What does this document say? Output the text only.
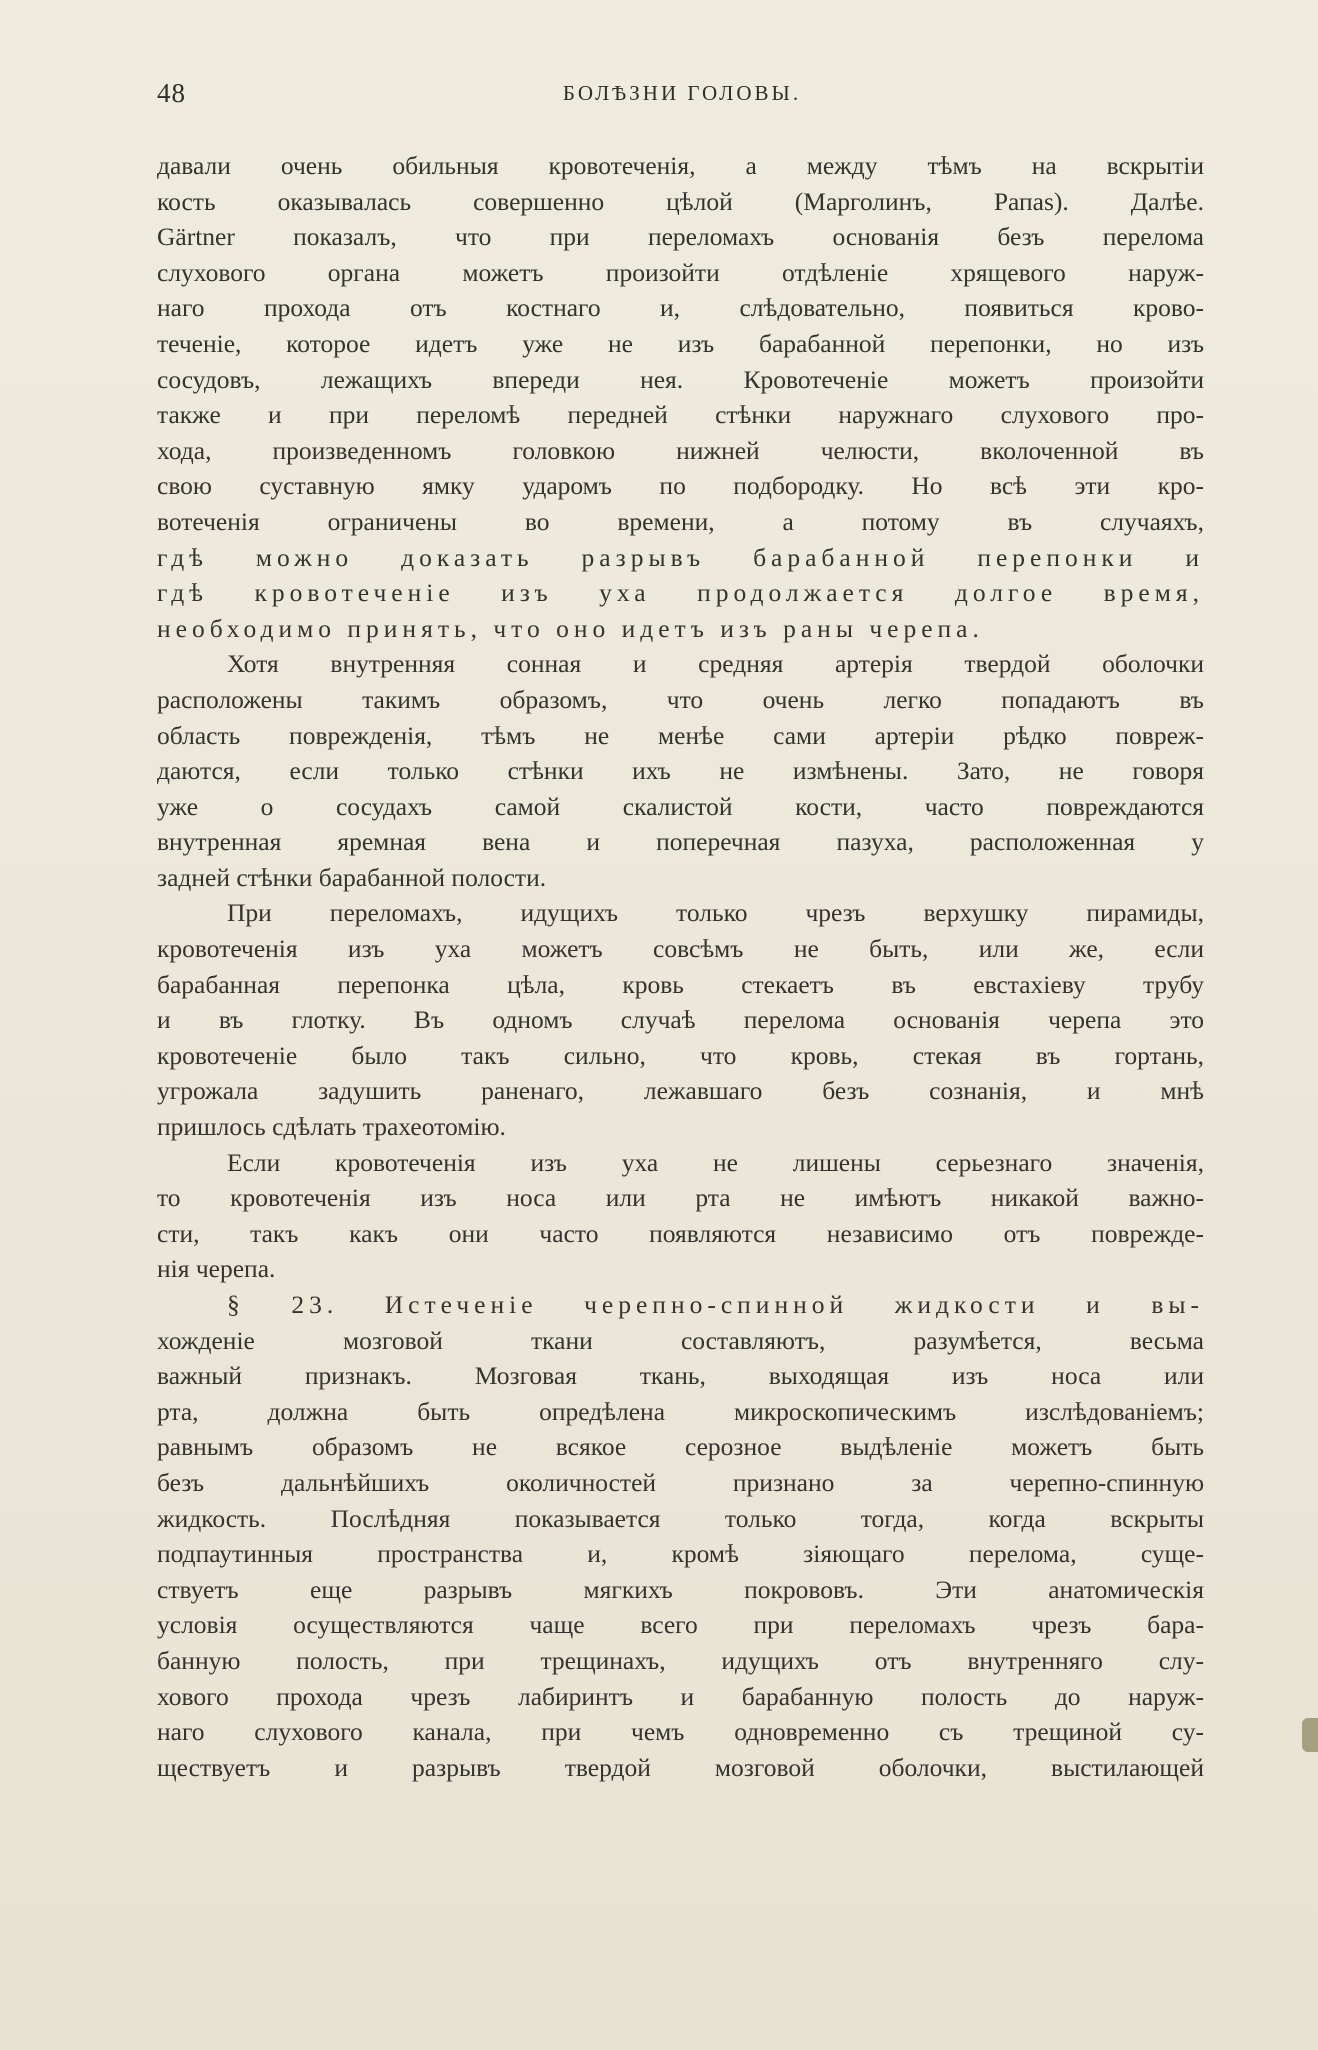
48	БОЛѢЗНИ ГОЛОВЫ.
давали очень обильныя кровотеченія, а между тѣмъ на вскрытіи
кость оказывалась совершенно цѣлой (Марголинъ, Рапаs). Далѣе.
Gärtner показалъ, что при переломахъ основанія безъ перелома
слухового органа можетъ произойти отдѣленіе хрящевого наруж-
наго прохода отъ костнаго и, слѣдовательно, появиться крово-
теченіе, которое идетъ уже не изъ барабанной перепонки, но изъ
сосудовъ, лежащихъ впереди нея. Кровотеченіе можетъ произойти
также и при переломѣ передней стѣнки наружнаго слухового про-
хода, произведенномъ головкою нижней челюсти, вколоченной въ
свою суставную ямку ударомъ по подбородку. Но всѣ эти кро-
вотеченія ограничены во времени, а потому въ случаяхъ,
гдѣ можно доказать разрывъ барабанной перепонки и
гдѣ кровотеченіе изъ уха продолжается долгое время,
необходимо принять, что оно идетъ изъ раны черепа.
Хотя внутренняя сонная и средняя артерія твердой оболочки
расположены такимъ образомъ, что очень легко попадаютъ въ
область поврежденія, тѣмъ не менѣе сами артеріи рѣдко повреж-
даются, если только стѣнки ихъ не измѣнены. Зато, не говоря
уже о сосудахъ самой скалистой кости, часто повреждаются
внутренная яремная вена и поперечная пазуха, расположенная у
задней стѣнки барабанной полости.
При переломахъ, идущихъ только чрезъ верхушку пирамиды,
кровотеченія изъ уха можетъ совсѣмъ не быть, или же, если
барабанная перепонка цѣла, кровь стекаетъ въ евстахіеву трубу
и въ глотку. Въ одномъ случаѣ перелома основанія черепа это
кровотеченіе было такъ сильно, что кровь, стекая въ гортань,
угрожала задушить раненаго, лежавшаго безъ сознанія, и мнѣ
пришлось сдѣлать трахеотомію.
Если кровотеченія изъ уха не лишены серьезнаго значенія,
то кровотеченія изъ носа или рта не имѣютъ никакой важно-
сти, такъ какъ они часто появляются независимо отъ поврежде-
нія черепа.
§ 23. Истеченіе черепно-спинной жидкости и вы-
хожденіе мозговой ткани составляютъ, разумѣется, весьма
важный признакъ. Мозговая ткань, выходящая изъ носа или
рта, должна быть опредѣлена микроскопическимъ изслѣдованіемъ;
равнымъ образомъ не всякое серозное выдѣленіе можетъ быть
безъ дальнѣйшихъ околичностей признано за черепно-спинную
жидкость. Послѣдняя показывается только тогда, когда вскрыты
подпаутинныя пространства и, кромѣ зіяющаго перелома, суще-
ствуетъ еще разрывъ мягкихъ покрововъ. Эти анатомическія
условія осуществляются чаще всего при переломахъ чрезъ бара-
банную полость, при трещинахъ, идущихъ отъ внутренняго слу-
хового прохода чрезъ лабиринтъ и барабанную полость до наруж-
наго слухового канала, при чемъ одновременно съ трещиной су-
ществуетъ и разрывъ твердой мозговой оболочки, выстилающей
